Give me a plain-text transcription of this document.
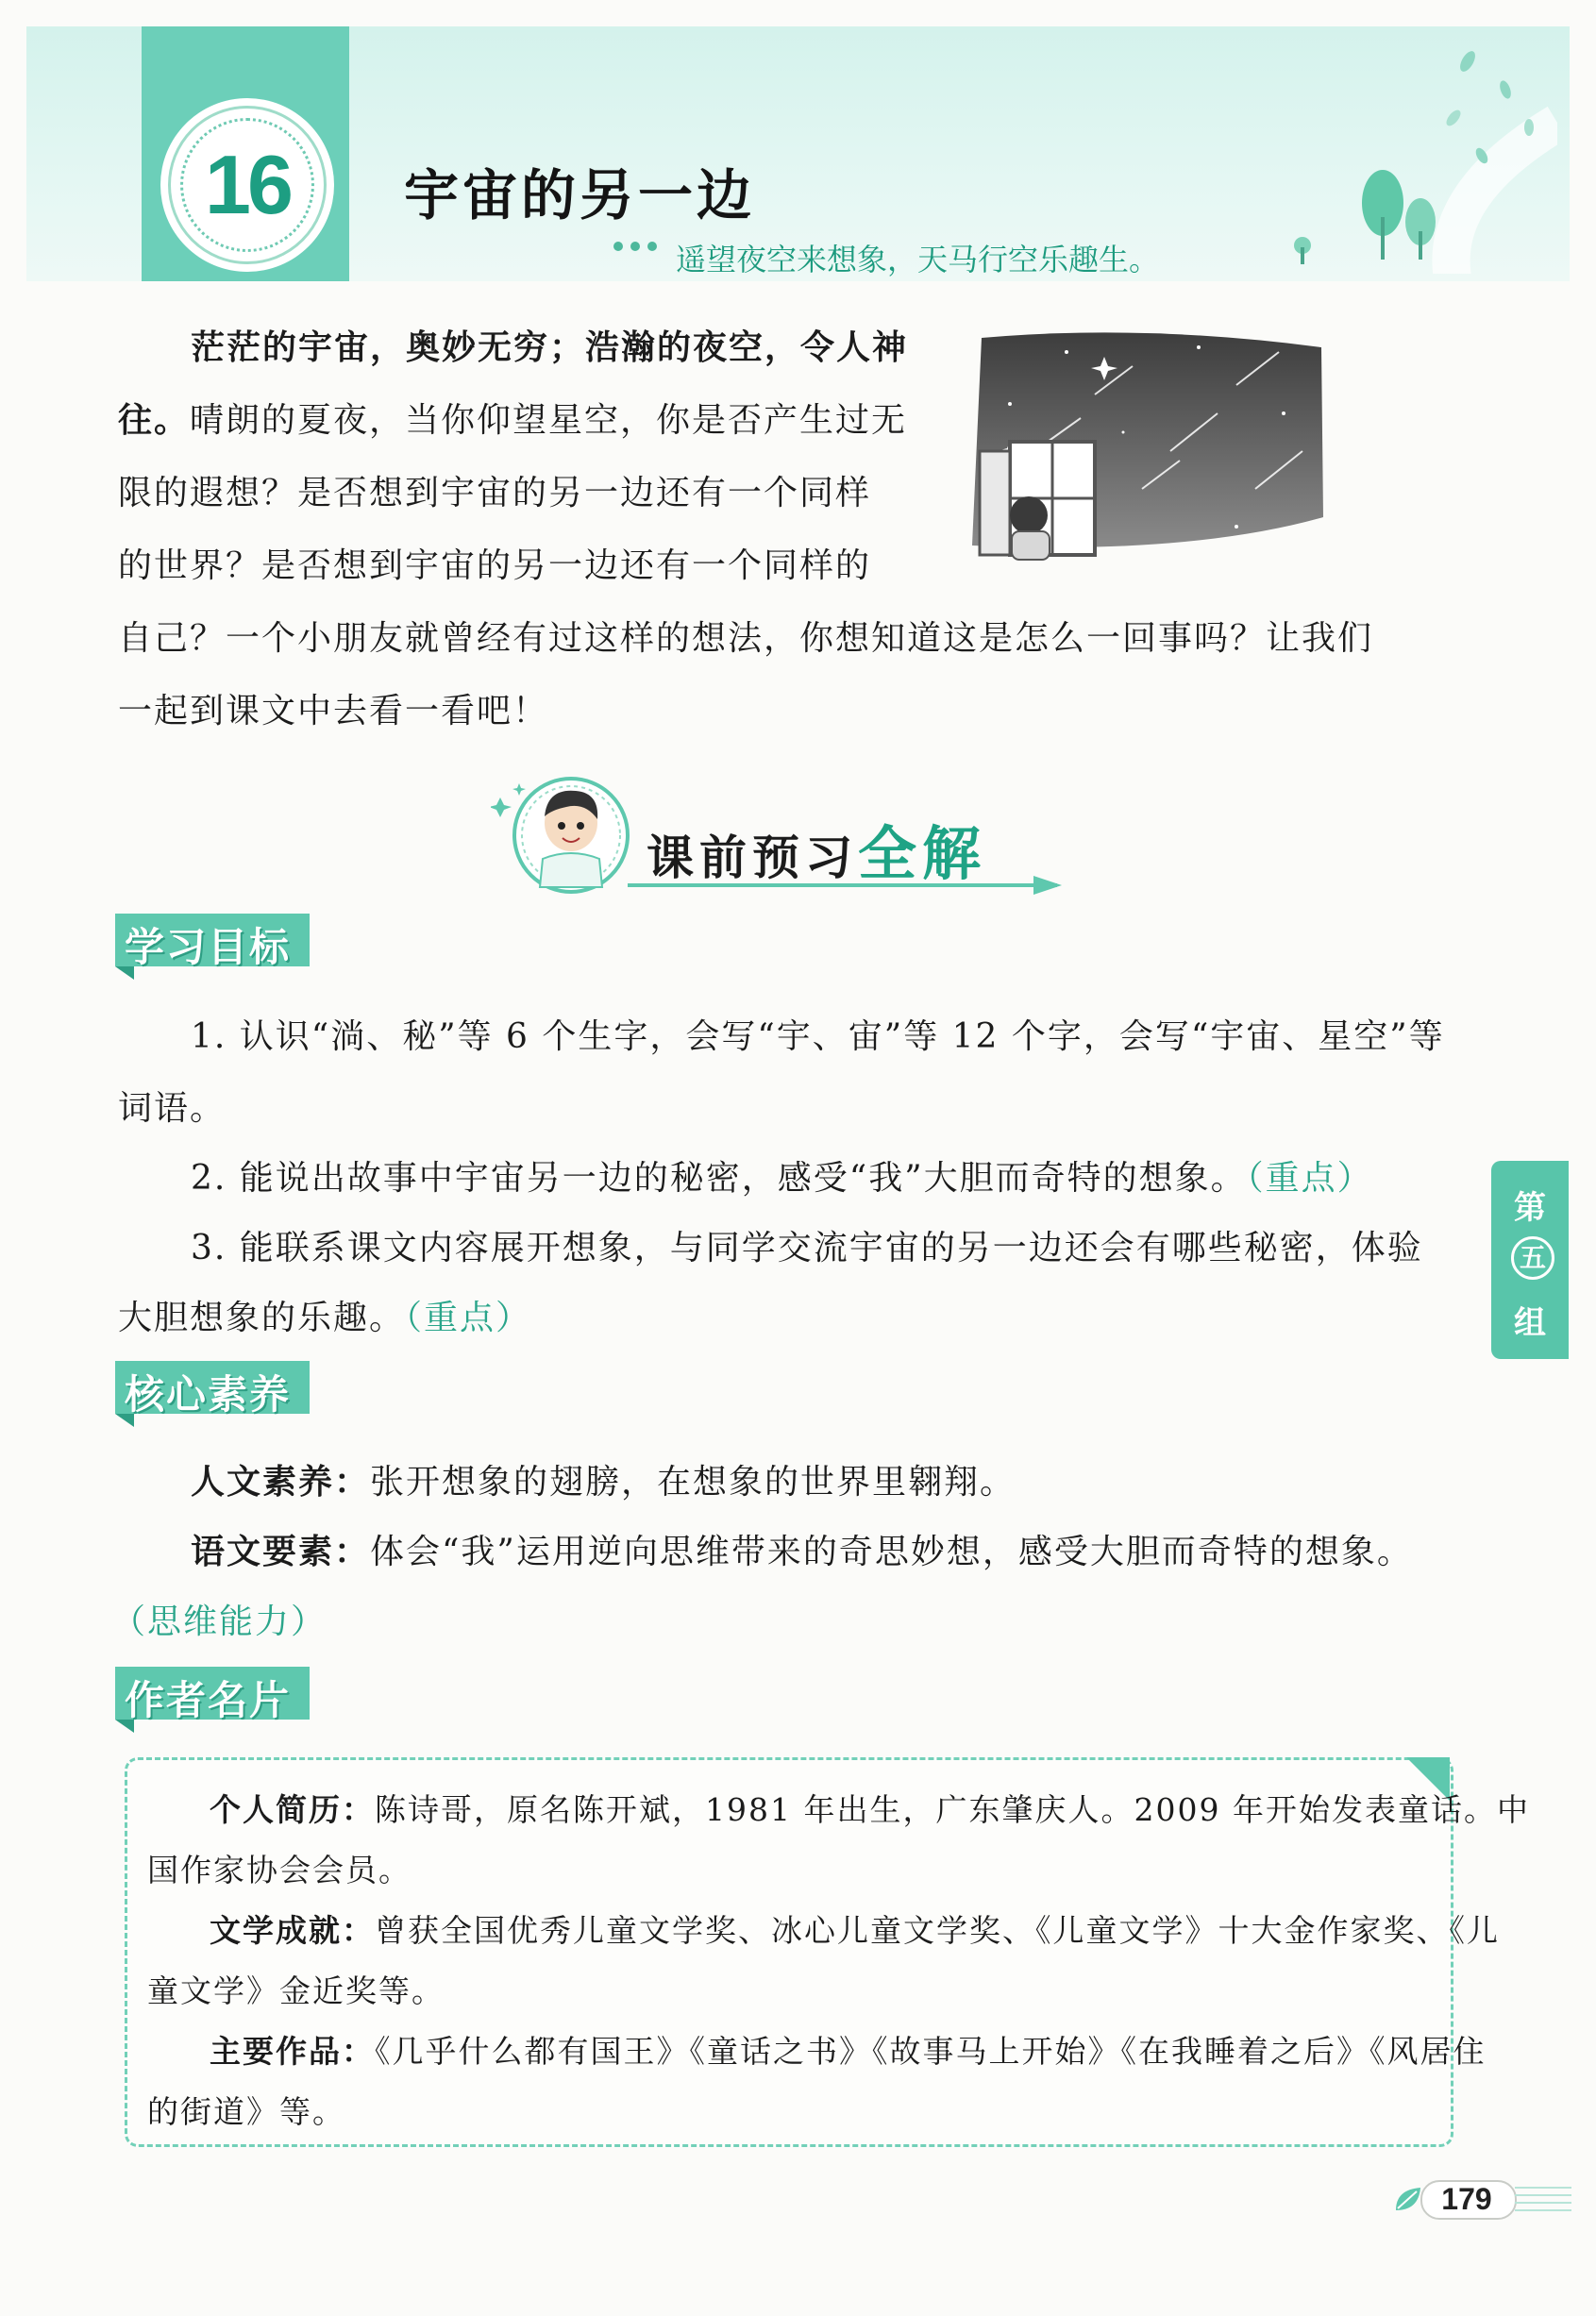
16 宇宙的另一边
遥望夜空来想象，天马行空乐趣生。
茫茫的宇宙，奥妙无穷；浩瀚的夜空，令人神
往。晴朗的夏夜，当你仰望星空，你是否产生过无
限的遐想？是否想到宇宙的另一边还有一个同样
的世界？是否想到宇宙的另一边还有一个同样的
自己？一个小朋友就曾经有过这样的想法，你想知道这是怎么一回事吗？让我们
一起到课文中去看一看吧！
课前预习全解
学习目标
1. 认识“淌、秘”等 6 个生字，会写“宇、宙”等 12 个字，会写“宇宙、星空”等
词语。
2. 能说出故事中宇宙另一边的秘密，感受“我”大胆而奇特的想象。（重点）
3. 能联系课文内容展开想象，与同学交流宇宙的另一边还会有哪些秘密，体验
大胆想象的乐趣。（重点）
第
五
组
核心素养
人文素养：张开想象的翅膀，在想象的世界里翱翔。
语文要素：体会“我”运用逆向思维带来的奇思妙想，感受大胆而奇特的想象。
（思维能力）
作者名片
个人简历：陈诗哥，原名陈开斌，1981 年出生，广东肇庆人。2009 年开始发表童话。中
国作家协会会员。
文学成就：曾获全国优秀儿童文学奖、冰心儿童文学奖、《儿童文学》十大金作家奖、《儿
童文学》金近奖等。
主要作品：《几乎什么都有国王》《童话之书》《故事马上开始》《在我睡着之后》《风居住
的街道》等。
179
